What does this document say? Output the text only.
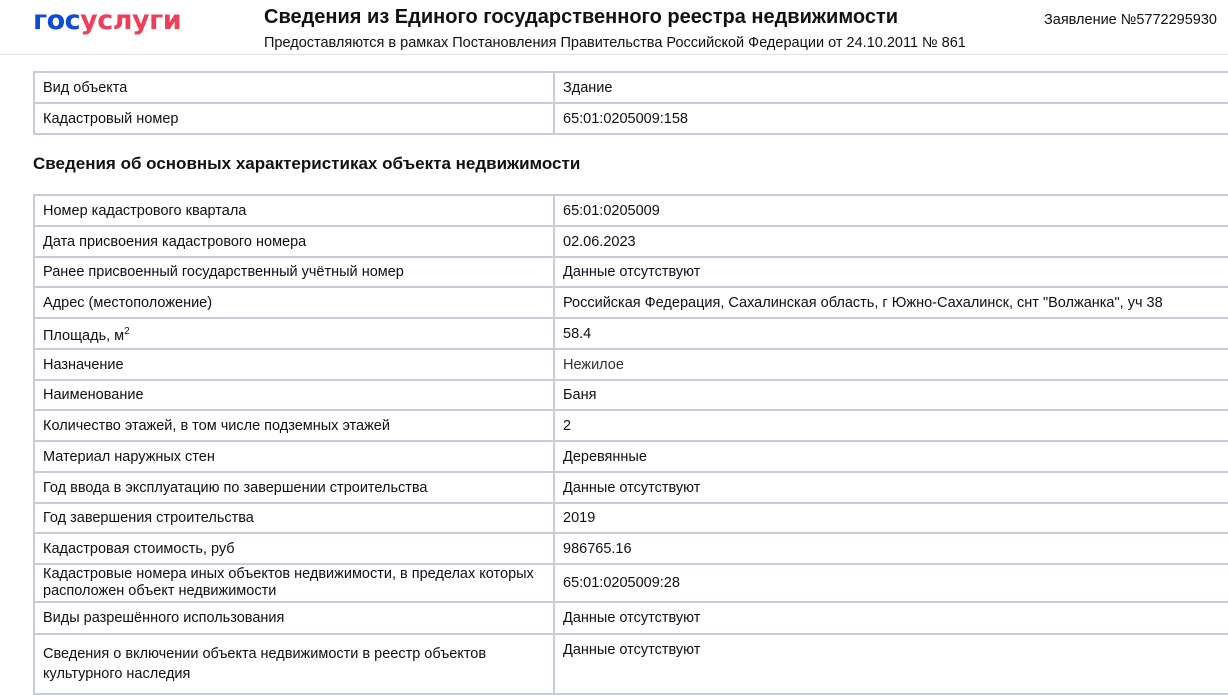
госуслуги	Сведения из Единого государственного реестра недвижимости
Предоставляются в рамках Постановления Правительства Российской Федерации от 24.10.2011 № 861
Заявление №5772295930
Вид объекта	Здание
Кадастровый номер	65:01:0205009:158
Сведения об основных характеристиках объекта недвижимости
Номер кадастрового квартала	65:01:0205009
Дата присвоения кадастрового номера	02.06.2023
Ранее присвоенный государственный учётный номер	Данные отсутствуют
Адрес (местоположение)	Российская Федерация, Сахалинская область, г Южно-Сахалинск, снт "Волжанка", уч 38
Площадь, $м^2$	58.4
Назначение	Нежилое
Наименование	Баня
Количество этажей, в том числе подземных этажей	2
Материал наружных стен	Деревянные
Год ввода в эксплуатацию по завершении строительства	Данные отсутствуют
Год завершения строительства	2019
Кадастровая стоимость, руб	986765.16
Кадастровые номера иных объектов недвижимости, в пределах которых расположен объект недвижимости	65:01:0205009:28
Виды разрешённого использования	Данные отсутствуют
Сведения о включении объекта недвижимости в реестр объектов культурного наследия	Данные отсутствуют
